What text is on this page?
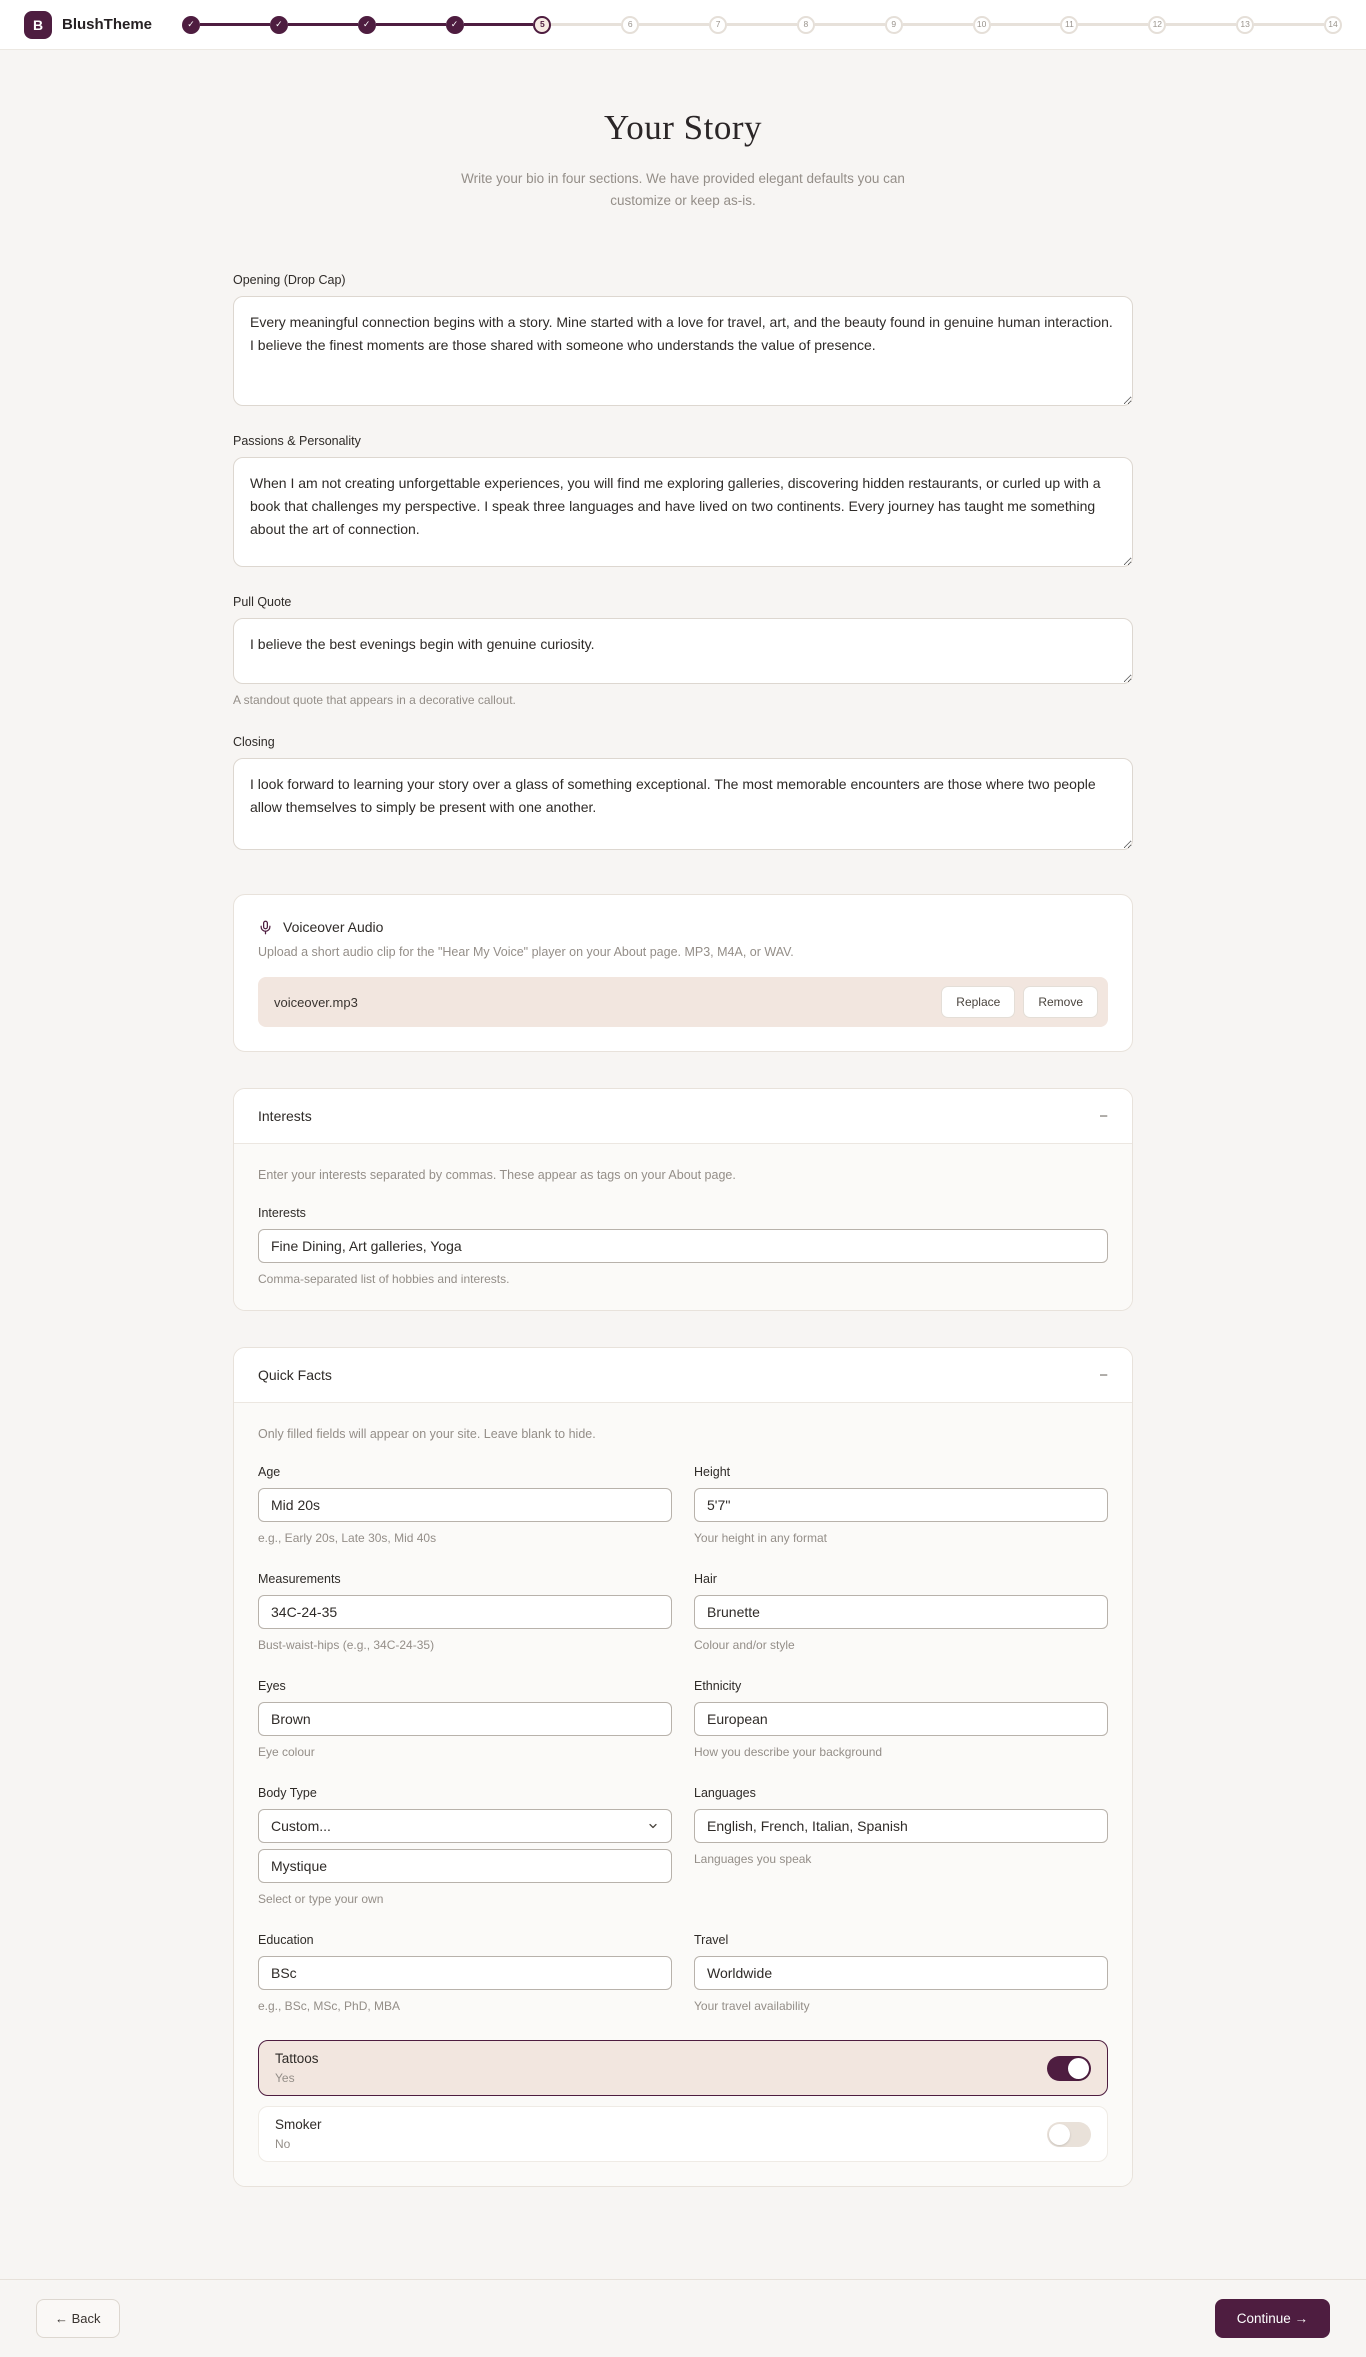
B	BlushTheme	✓	✓	✓	✓	5	6	7	8	9	10	11	12	13	14
Your Story
Write your bio in four sections. We have provided elegant defaults you can customize or keep as-is.
Opening (Drop Cap)
Every meaningful connection begins with a story. Mine started with a love for travel, art, and the beauty found in genuine human interaction. I believe the finest moments are those shared with someone who understands the value of presence.
Passions & Personality
When I am not creating unforgettable experiences, you will find me exploring galleries, discovering hidden restaurants, or curled up with a book that challenges my perspective. I speak three languages and have lived on two continents. Every journey has taught me something about the art of connection.
Pull Quote
I believe the best evenings begin with genuine curiosity.
A standout quote that appears in a decorative callout.
Closing
I look forward to learning your story over a glass of something exceptional. The most memorable encounters are those where two people allow themselves to simply be present with one another.
Voiceover Audio
Upload a short audio clip for the "Hear My Voice" player on your About page. MP3, M4A, or WAV.
voiceover.mp3	Replace	Remove
Interests	−
Enter your interests separated by commas. These appear as tags on your About page.
Interests
Fine Dining, Art galleries, Yoga
Comma-separated list of hobbies and interests.
Quick Facts	−
Only filled fields will appear on your site. Leave blank to hide.
Age
Mid 20s
e.g., Early 20s, Late 30s, Mid 40s
Height
5'7''
Your height in any format
Measurements
34C-24-35
Bust-waist-hips (e.g., 34C-24-35)
Hair
Brunette
Colour and/or style
Eyes
Brown
Eye colour
Ethnicity
European
How you describe your background
Body Type
Custom...
Mystique
Select or type your own
Languages
English, French, Italian, Spanish
Languages you speak
Education
BSc
e.g., BSc, MSc, PhD, MBA
Travel
Worldwide
Your travel availability
Tattoos
Yes
Smoker
No
← Back	Continue →
